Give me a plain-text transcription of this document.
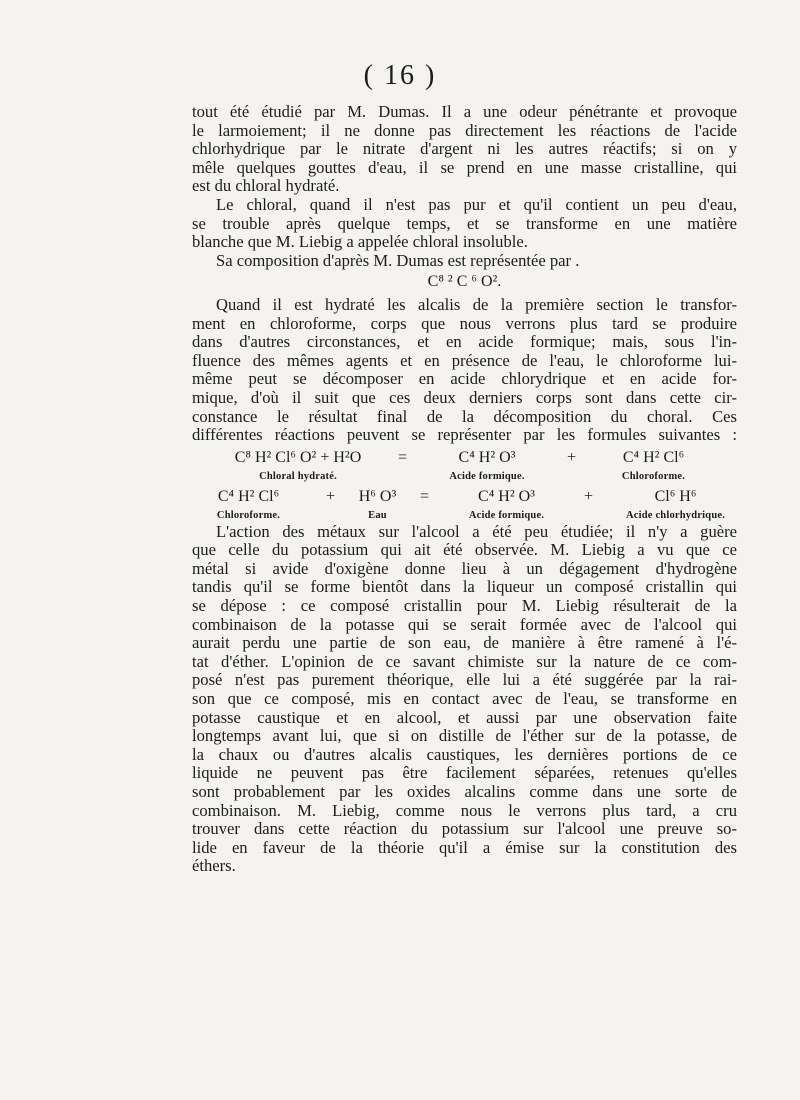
( 16 )
tout été étudié par M. Dumas. Il a une odeur pénétrante et provoque
le larmoiement; il ne donne pas directement les réactions de l'acide
chlorhydrique par le nitrate d'argent ni les autres réactifs; si on y
mêle quelques gouttes d'eau, il se prend en une masse cristalline, qui
est du chloral hydraté.
Le chloral, quand il n'est pas pur et qu'il contient un peu d'eau,
se trouble après quelque temps, et se transforme en une matière
blanche que M. Liebig a appelée chloral insoluble.
Sa composition d'après M. Dumas est représentée par .
C⁸ ² C ⁶ O².
Quand il est hydraté les alcalis de la première section le transfor-
ment en chloroforme, corps que nous verrons plus tard se produire
dans d'autres circonstances, et en acide formique; mais, sous l'in-
fluence des mêmes agents et en présence de l'eau, le chloroforme lui-
même peut se décomposer en acide chlorydrique et en acide for-
mique, d'où il suit que ces deux derniers corps sont dans cette cir-
constance le résultat final de la décomposition du choral. Ces
différentes réactions peuvent se représenter par les formules suivantes :
C⁸ H² Cl⁶ O² + H²O	=	C⁴ H² O³	+	C⁴ H² Cl⁶
Chloral hydraté.	Acide formique.	Chloroforme.
C⁴ H² Cl⁶	+	H⁶ O³	=	C⁴ H² O³	+	Cl⁶ H⁶
Chloroforme.	Eau	Acide formique.	Acide chlorhydrique.
L'action des métaux sur l'alcool a été peu étudiée; il n'y a guère
que celle du potassium qui ait été observée. M. Liebig a vu que ce
métal si avide d'oxigène donne lieu à un dégagement d'hydrogène
tandis qu'il se forme bientôt dans la liqueur un composé cristallin qui
se dépose : ce composé cristallin pour M. Liebig résulterait de la
combinaison de la potasse qui se serait formée avec de l'alcool qui
aurait perdu une partie de son eau, de manière à être ramené à l'é-
tat d'éther. L'opinion de ce savant chimiste sur la nature de ce com-
posé n'est pas purement théorique, elle lui a été suggérée par la rai-
son que ce composé, mis en contact avec de l'eau, se transforme en
potasse caustique et en alcool, et aussi par une observation faite
longtemps avant lui, que si on distille de l'éther sur de la potasse, de
la chaux ou d'autres alcalis caustiques, les dernières portions de ce
liquide ne peuvent pas être facilement séparées, retenues qu'elles
sont probablement par les oxides alcalins comme dans une sorte de
combinaison. M. Liebig, comme nous le verrons plus tard, a cru
trouver dans cette réaction du potassium sur l'alcool une preuve so-
lide en faveur de la théorie qu'il a émise sur la constitution des
éthers.
